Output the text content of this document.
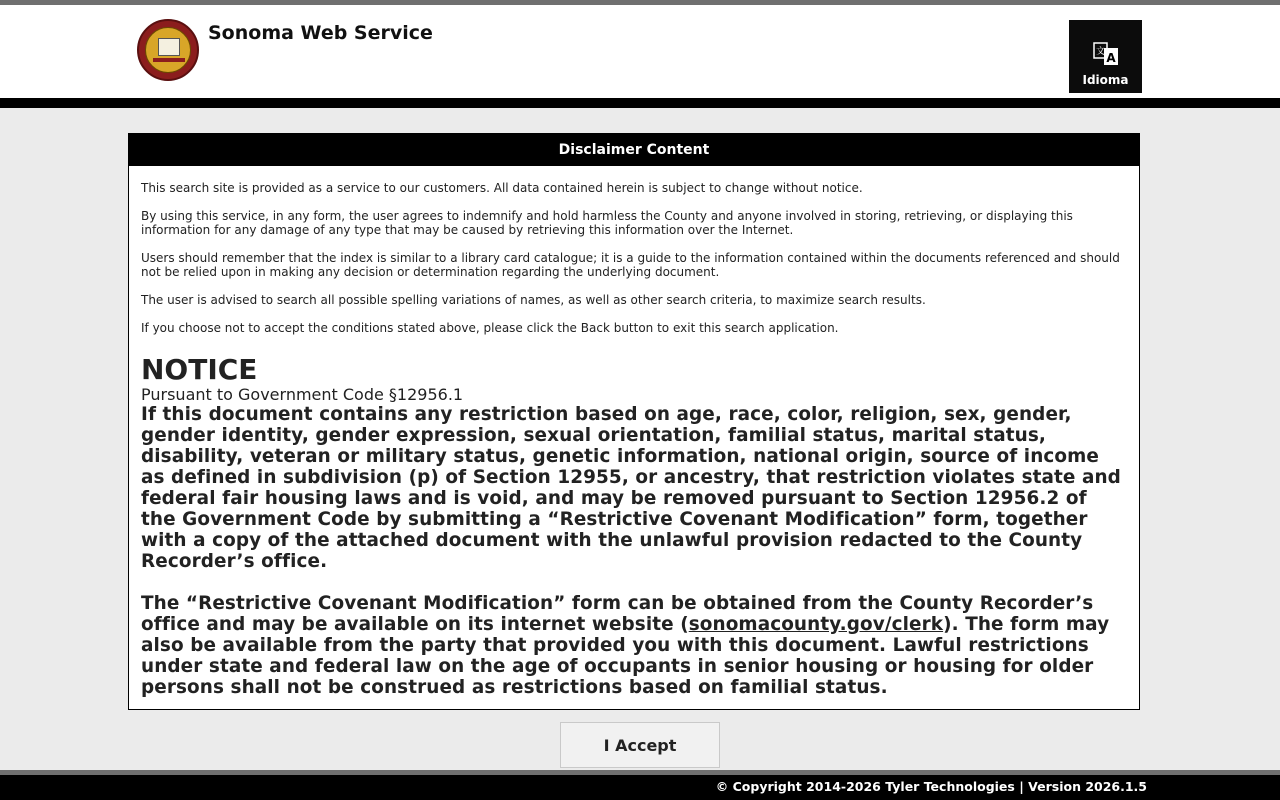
Sonoma Web Service
A
文
Idioma
Disclaimer Content

This search site is provided as a service to our customers. All data contained herein is subject to change without notice.

By using this service, in any form, the user agrees to indemnify and hold harmless the County and anyone involved in storing, retrieving, or displaying this information for any damage of any type that may be caused by retrieving this information over the Internet.

Users should remember that the index is similar to a library card catalogue; it is a guide to the information contained within the documents referenced and should not be relied upon in making any decision or determination regarding the underlying document.

The user is advised to search all possible spelling variations of names, as well as other search criteria, to maximize search results.

If you choose not to accept the conditions stated above, please click the Back button to exit this search application.

NOTICE
Pursuant to Government Code §12956.1

If this document contains any restriction based on age, race, color, religion, sex, gender, gender identity, gender expression, sexual orientation, familial status, marital status, disability, veteran or military status, genetic information, national origin, source of income as defined in subdivision (p) of Section 12955, or ancestry, that restriction violates state and federal fair housing laws and is void, and may be removed pursuant to Section 12956.2 of the Government Code by submitting a “Restrictive Covenant Modification” form, together with a copy of the attached document with the unlawful provision redacted to the County Recorder’s office.

The “Restrictive Covenant Modification” form can be obtained from the County Recorder’s office and may be available on its internet website (sonomacounty.gov/clerk). The form may also be available from the party that provided you with this document. Lawful restrictions under state and federal law on the age of occupants in senior housing or housing for older persons shall not be construed as restrictions based on familial status.

I Accept
© Copyright 2014-2026 Tyler Technologies | Version 2026.1.5
